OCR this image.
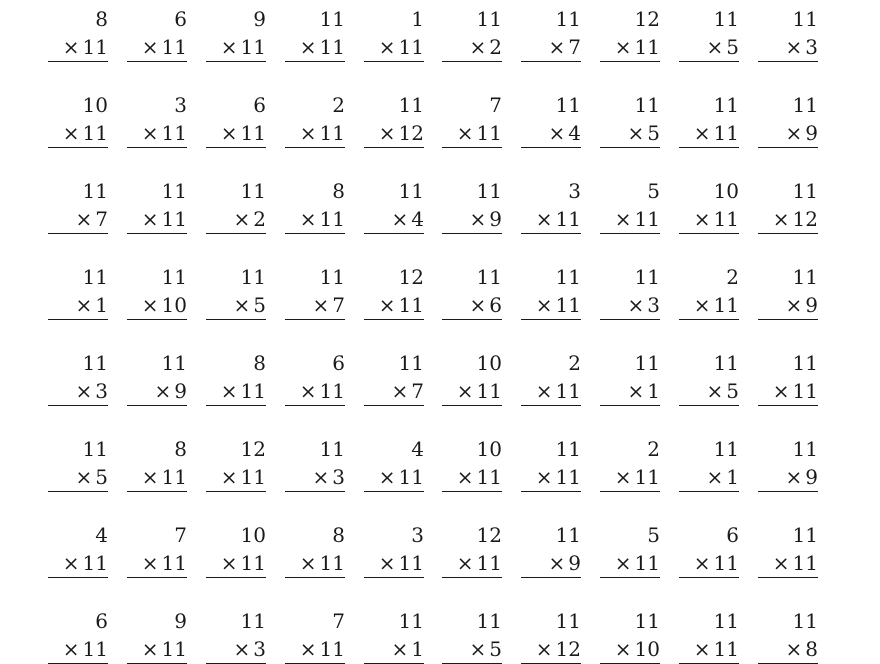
8
× 11
6
× 11
9
× 11
11
× 11
1
× 11
11
× 2
11
× 7
12
× 11
11
× 5
11
× 3
10
× 11
3
× 11
6
× 11
2
× 11
11
× 12
7
× 11
11
× 4
11
× 5
11
× 11
11
× 9
11
× 7
11
× 11
11
× 2
8
× 11
11
× 4
11
× 9
3
× 11
5
× 11
10
× 11
11
× 12
11
× 1
11
× 10
11
× 5
11
× 7
12
× 11
11
× 6
11
× 11
11
× 3
2
× 11
11
× 9
11
× 3
11
× 9
8
× 11
6
× 11
11
× 7
10
× 11
2
× 11
11
× 1
11
× 5
11
× 11
11
× 5
8
× 11
12
× 11
11
× 3
4
× 11
10
× 11
11
× 11
2
× 11
11
× 1
11
× 9
4
× 11
7
× 11
10
× 11
8
× 11
3
× 11
12
× 11
11
× 9
5
× 11
6
× 11
11
× 11
6
× 11
9
× 11
11
× 3
7
× 11
11
× 1
11
× 5
11
× 12
11
× 10
11
× 11
11
× 8
